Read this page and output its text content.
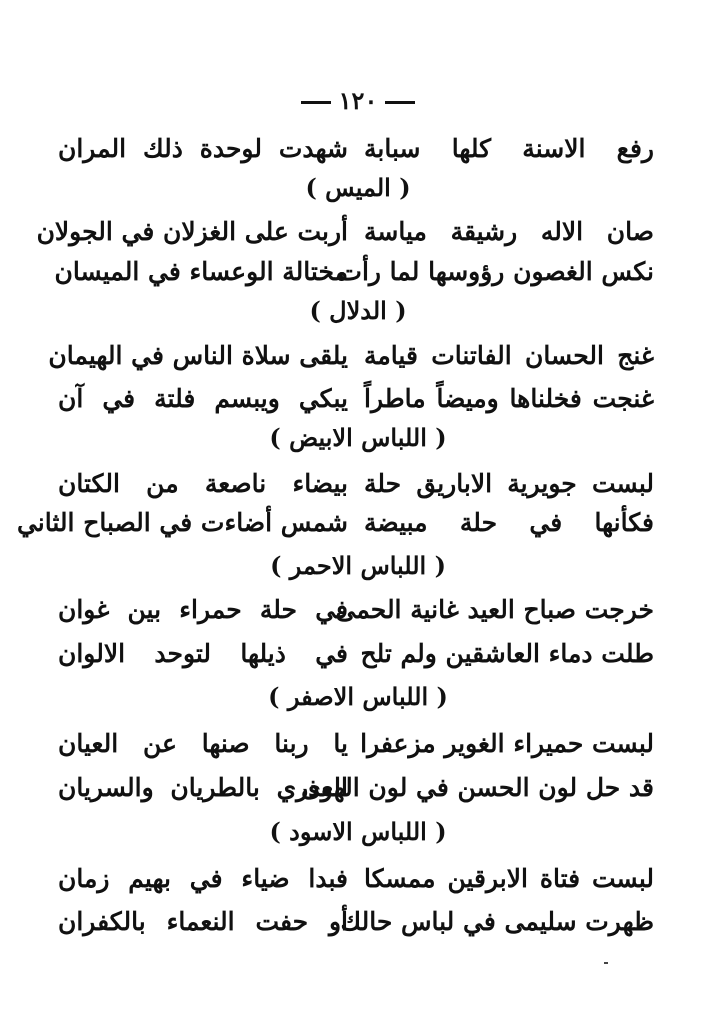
١٢٠
رفع الاسنة كلها سبابة
شهدت لوحدة ذلك المران
( الميس )
صان الاله رشيقة مياسة
أربت على الغزلان في الجولان
نكس الغصون رؤوسها لما رأت
مختالة الوعساء في الميسان
( الدلال )
غنج الحسان الفاتنات قيامة
يلقى سلاة الناس في الهيمان
غنجت فخلناها وميضاً ماطراً
يبكي ويبسم فلتة في آن
( اللباس الابيض )
لبست جويرية الاباريق حلة
بيضاء ناصعة من الكتان
فكأنها في حلة مبيضة
شمس أضاءت في الصباح الثاني
( اللباس الاحمر )
خرجت صباح العيد غانية الحمى
في حلة حمراء بين غوان
طلت دماء العاشقين ولم تلح
في ذيلها لتوحد الالوان
( اللباس الاصفر )
لبست حميراء الغوير مزعفرا
يا ربنا صنها عن العيان
قد حل لون الحسن في لون الهوى
العذري بالطريان والسريان
( اللباس الاسود )
لبست فتاة الابرقين ممسكا
فبدا ضياء في بهيم زمان
ظهرت سليمى في لباس حالك
أو حفت النعماء بالكفران
